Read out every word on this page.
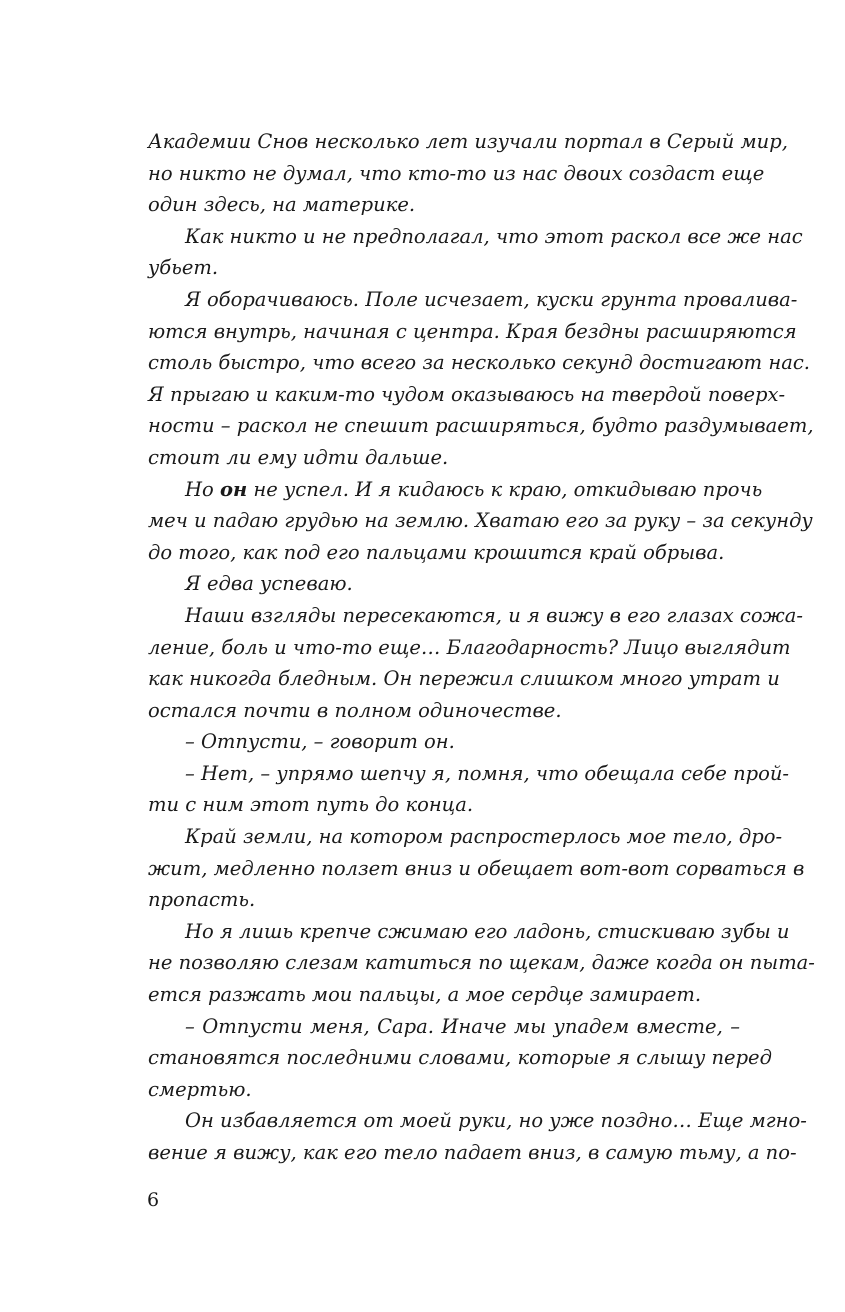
Академии Снов несколько лет изучали портал в Серый мир,
но никто не думал, что кто-то из нас двоих создаст еще
один здесь, на материке.
Как никто и не предполагал, что этот раскол все же нас
убьет.
Я оборачиваюсь. Поле исчезает, куски грунта проваливa-
ются внутрь, начиная с центра. Края бездны расширяются
столь быстро, что всего за несколько секунд достигают нас.
Я прыгаю и каким-то чудом оказываюсь на твердой поверх-
ности – раскол не спешит расширяться, будто раздумывает,
стоит ли ему идти дальше.
Но он не успел. И я кидаюсь к краю, откидываю прочь
меч и падаю грудью на землю. Хватаю его за руку – за секунду
до того, как под его пальцами крошится край обрыва.
Я едва успеваю.
Наши взгляды пересекаются, и я вижу в его глазах сожа-
ление, боль и что-то еще… Благодарность? Лицо выглядит
как никогда бледным. Он пережил слишком много утрат и
остался почти в полном одиночестве.
– Отпусти, – говорит он.
– Нет, – упрямо шепчу я, помня, что обещала себе прой-
ти с ним этот путь до конца.
Край земли, на котором распростерлось мое тело, дро-
жит, медленно ползет вниз и обещает вот-вот сорваться в
пропасть.
Но я лишь крепче сжимаю его ладонь, стискиваю зубы и
не позволяю слезам катиться по щекам, даже когда он пыта-
ется разжать мои пальцы, а мое сердце замирает.
– Отпусти меня, Сара. Иначе мы упадем вместе, –
становятся последними словами, которые я слышу перед
смертью.
Он избавляется от моей руки, но уже поздно… Еще мгно-
вение я вижу, как его тело падает вниз, в самую тьму, а по-
6
